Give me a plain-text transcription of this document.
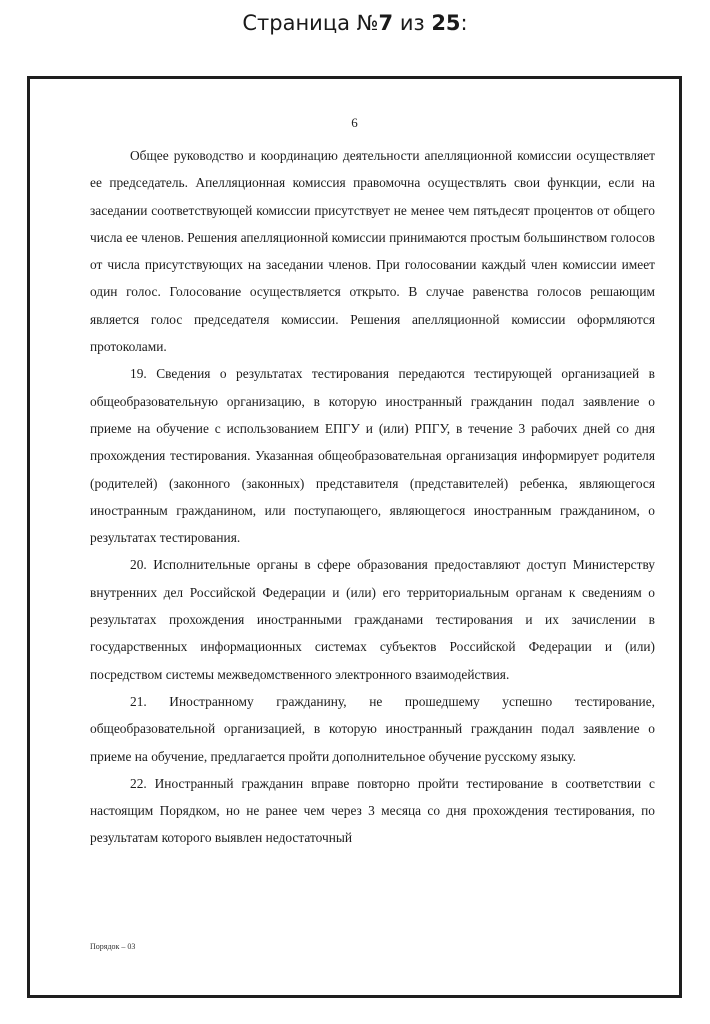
Страница №7 из 25:
6

Общее руководство и координацию деятельности апелляционной комиссии осуществляет ее председатель. Апелляционная комиссия правомочна осуществлять свои функции, если на заседании соответствующей комиссии присутствует не менее чем пятьдесят процентов от общего числа ее членов. Решения апелляционной комиссии принимаются простым большинством голосов от числа присутствующих на заседании членов. При голосовании каждый член комиссии имеет один голос. Голосование осуществляется открыто. В случае равенства голосов решающим является голос председателя комиссии. Решения апелляционной комиссии оформляются протоколами.

19. Сведения о результатах тестирования передаются тестирующей организацией в общеобразовательную организацию, в которую иностранный гражданин подал заявление о приеме на обучение с использованием ЕПГУ и (или) РПГУ, в течение 3 рабочих дней со дня прохождения тестирования. Указанная общеобразовательная организация информирует родителя (родителей) (законного (законных) представителя (представителей) ребенка, являющегося иностранным гражданином, или поступающего, являющегося иностранным гражданином, о результатах тестирования.

20. Исполнительные органы в сфере образования предоставляют доступ Министерству внутренних дел Российской Федерации и (или) его территориальным органам к сведениям о результатах прохождения иностранными гражданами тестирования и их зачислении в государственных информационных системах субъектов Российской Федерации и (или) посредством системы межведомственного электронного взаимодействия.

21. Иностранному гражданину, не прошедшему успешно тестирование, общеобразовательной организацией, в которую иностранный гражданин подал заявление о приеме на обучение, предлагается пройти дополнительное обучение русскому языку.

22. Иностранный гражданин вправе повторно пройти тестирование в соответствии с настоящим Порядком, но не ранее чем через 3 месяца со дня прохождения тестирования, по результатам которого выявлен недостаточный

Порядок – 03
